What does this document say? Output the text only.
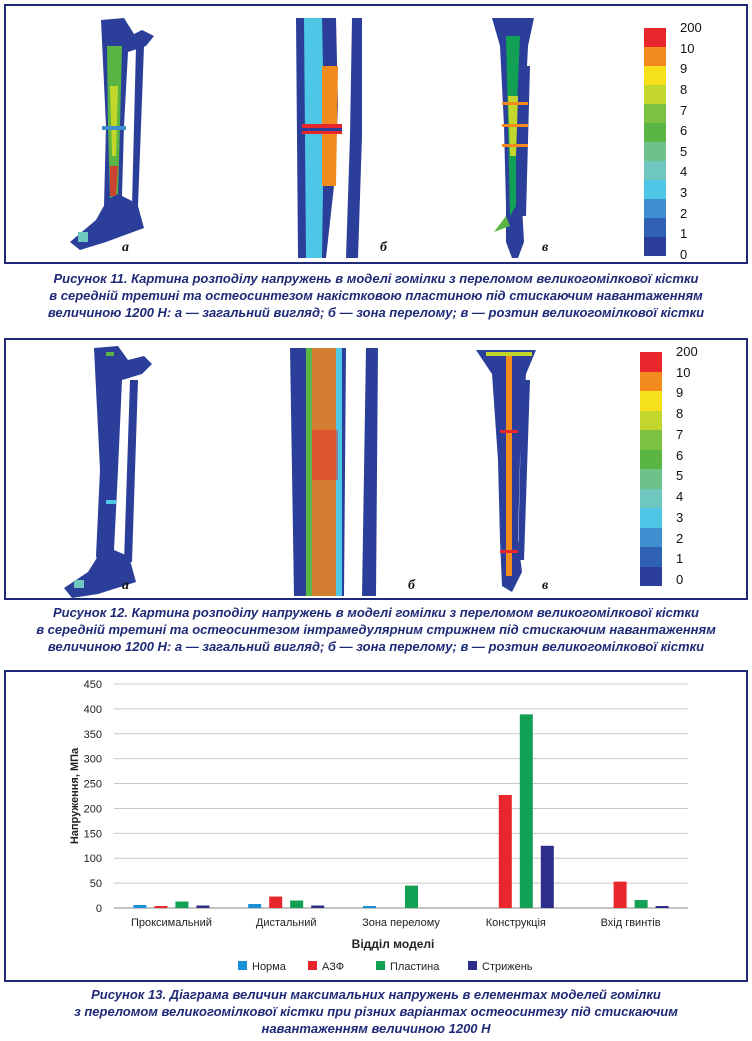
а	б	в
200
10
9
8
7
6
5
4
3
2
1
0
Рисунок 11. Картина розподілу напружень в моделі гомілки з переломом великогомілкової кістки
в середній третині та остеосинтезом накістковою пластиною під стискаючим навантаженням
величиною 1200 Н: а — загальний вигляд; б — зона перелому; в — розтин великогомілкової кістки
а	б	в
200
10
9
8
7
6
5
4
3
2
1
0
Рисунок 12. Картина розподілу напружень в моделі гомілки з переломом великогомілкової кістки
в середній третині та остеосинтезом інтрамедулярним стрижнем під стискаючим навантаженням
величиною 1200 Н: а — загальний вигляд; б — зона перелому; в — розтин великогомілкової кістки
0
50
100
150
200
250
300
350
400
450
Напруження, МПа
Проксимальний	Дистальний	Зона перелому	Конструкція	Вхід гвинтів
Відділ моделі
Норма	АЗФ	Пластина	Стрижень
Рисунок 13. Діаграма величин максимальних напружень в елементах моделей гомілки
з переломом великогомілкової кістки при різних варіантах остеосинтезу під стискаючим
навантаженням величиною 1200 Н
